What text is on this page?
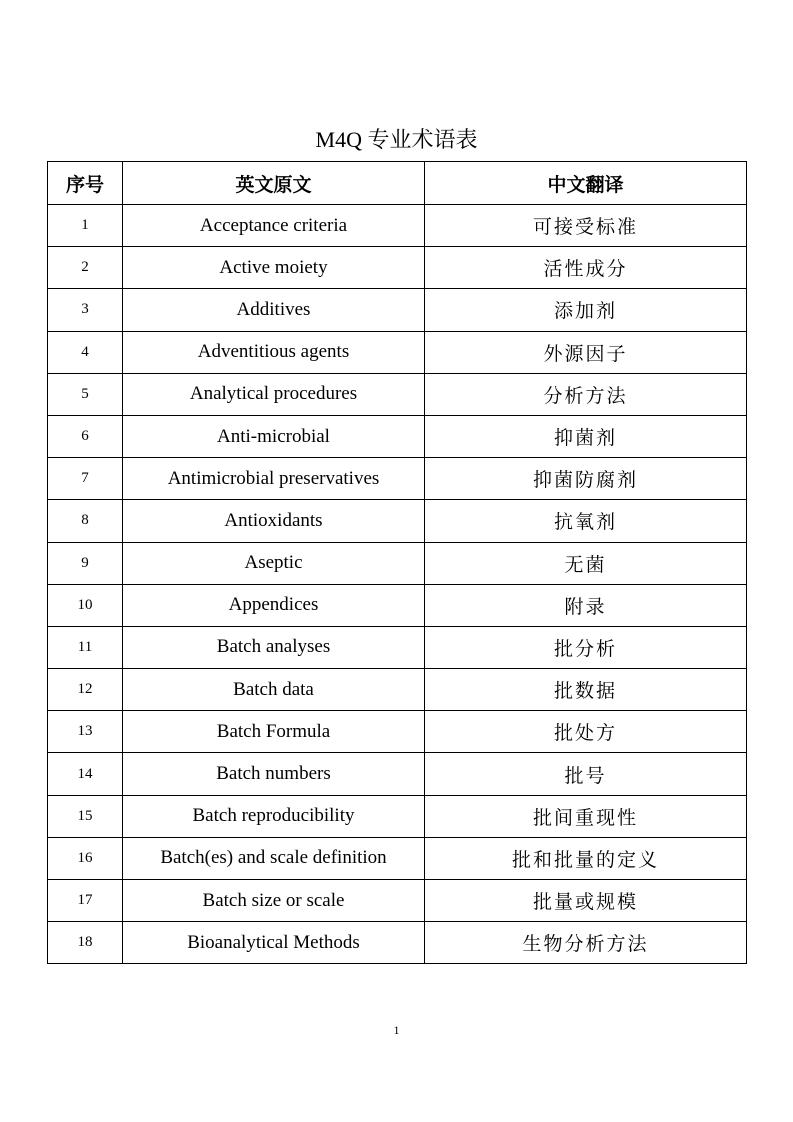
M4Q 专业术语表
序号	英文原文	中文翻译
1	Acceptance criteria	可接受标准
2	Active moiety	活性成分
3	Additives	添加剂
4	Adventitious agents	外源因子
5	Analytical procedures	分析方法
6	Anti-microbial	抑菌剂
7	Antimicrobial preservatives	抑菌防腐剂
8	Antioxidants	抗氧剂
9	Aseptic	无菌
10	Appendices	附录
11	Batch analyses	批分析
12	Batch data	批数据
13	Batch Formula	批处方
14	Batch numbers	批号
15	Batch reproducibility	批间重现性
16	Batch(es) and scale definition	批和批量的定义
17	Batch size or scale	批量或规模
18	Bioanalytical Methods	生物分析方法
1
